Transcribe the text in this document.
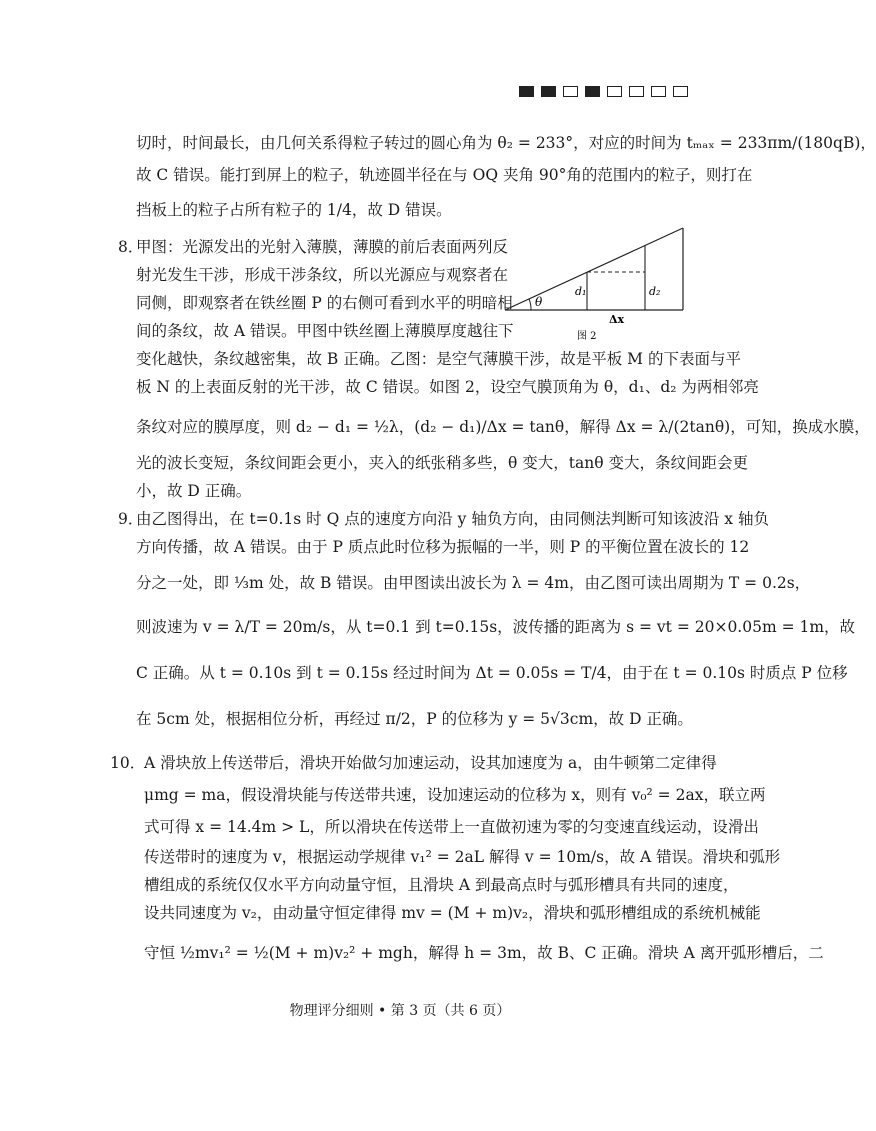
切时，时间最长，由几何关系得粒子转过的圆心角为 θ₂ = 233°，对应的时间为 tₘₐₓ = 233πm/(180qB)，
故 C 错误。能打到屏上的粒子，轨迹圆半径在与 OQ 夹角 90°角的范围内的粒子，则打在
挡板上的粒子占所有粒子的 1/4，故 D 错误。
8．
甲图：光源发出的光射入薄膜，薄膜的前后表面两列反
射光发生干涉，形成干涉条纹，所以光源应与观察者在
同侧，即观察者在铁丝圈 P 的右侧可看到水平的明暗相
间的条纹，故 A 错误。甲图中铁丝圈上薄膜厚度越往下
变化越快，条纹越密集，故 B 正确。乙图：是空气薄膜干涉，故是平板 M 的下表面与平
板 N 的上表面反射的光干涉，故 C 错误。如图 2，设空气膜顶角为 θ，d₁、d₂ 为两相邻亮
条纹对应的膜厚度，则 d₂ − d₁ = ½λ，(d₂ − d₁)/Δx = tanθ，解得 Δx = λ/(2tanθ)，可知，换成水膜，
光的波长变短，条纹间距会更小，夹入的纸张稍多些，θ 变大，tanθ 变大，条纹间距会更
小，故 D 正确。
θ
d₁	d₂
Δx
图 2
9．
由乙图得出，在 t=0.1s 时 Q 点的速度方向沿 y 轴负方向，由同侧法判断可知该波沿 x 轴负
方向传播，故 A 错误。由于 P 质点此时位移为振幅的一半，则 P 的平衡位置在波长的 12
分之一处，即 ⅓m 处，故 B 错误。由甲图读出波长为 λ = 4m，由乙图可读出周期为 T = 0.2s，
则波速为 v = λ/T = 20m/s，从 t=0.1 到 t=0.15s，波传播的距离为 s = vt = 20×0.05m = 1m，故
C 正确。从 t = 0.10s 到 t = 0.15s 经过时间为 Δt = 0.05s = T/4，由于在 t = 0.10s 时质点 P 位移
在 5cm 处，根据相位分析，再经过 π/2，P 的位移为 y = 5√3cm，故 D 正确。
10．
A 滑块放上传送带后，滑块开始做匀加速运动，设其加速度为 a，由牛顿第二定律得
μmg = ma，假设滑块能与传送带共速，设加速运动的位移为 x，则有 v₀² = 2ax，联立两
式可得 x = 14.4m > L，所以滑块在传送带上一直做初速为零的匀变速直线运动，设滑出
传送带时的速度为 v，根据运动学规律 v₁² = 2aL 解得 v = 10m/s，故 A 错误。滑块和弧形
槽组成的系统仅仅水平方向动量守恒，且滑块 A 到最高点时与弧形槽具有共同的速度，
设共同速度为 v₂，由动量守恒定律得 mv = (M + m)v₂，滑块和弧形槽组成的系统机械能
守恒 ½mv₁² = ½(M + m)v₂² + mgh，解得 h = 3m，故 B、C 正确。滑块 A 离开弧形槽后，二
物理评分细则 • 第 3 页（共 6 页）
